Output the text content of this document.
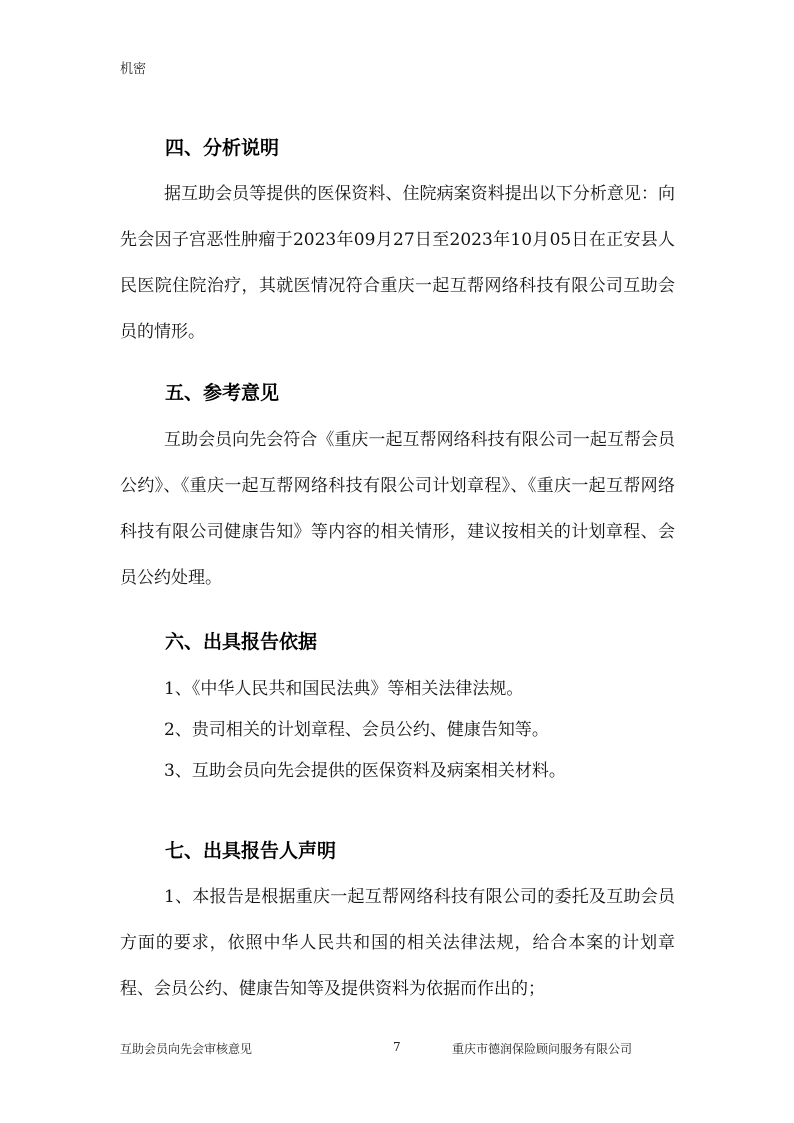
机密
四、分析说明
据互助会员等提供的医保资料、住院病案资料提出以下分析意见：向先会因子宫恶性肿瘤于2023年09月27日至2023年10月05日在正安县人民医院住院治疗，其就医情况符合重庆一起互帮网络科技有限公司互助会员的情形。
五、参考意见
互助会员向先会符合《重庆一起互帮网络科技有限公司一起互帮会员公约》、《重庆一起互帮网络科技有限公司计划章程》、《重庆一起互帮网络科技有限公司健康告知》等内容的相关情形，建议按相关的计划章程、会员公约处理。
六、出具报告依据
1、《中华人民共和国民法典》等相关法律法规。
2、贵司相关的计划章程、会员公约、健康告知等。
3、互助会员向先会提供的医保资料及病案相关材料。
七、出具报告人声明
1、本报告是根据重庆一起互帮网络科技有限公司的委托及互助会员方面的要求，依照中华人民共和国的相关法律法规，给合本案的计划章程、会员公约、健康告知等及提供资料为依据而作出的；
互助会员向先会审核意见	7	重庆市德润保险顾问服务有限公司
